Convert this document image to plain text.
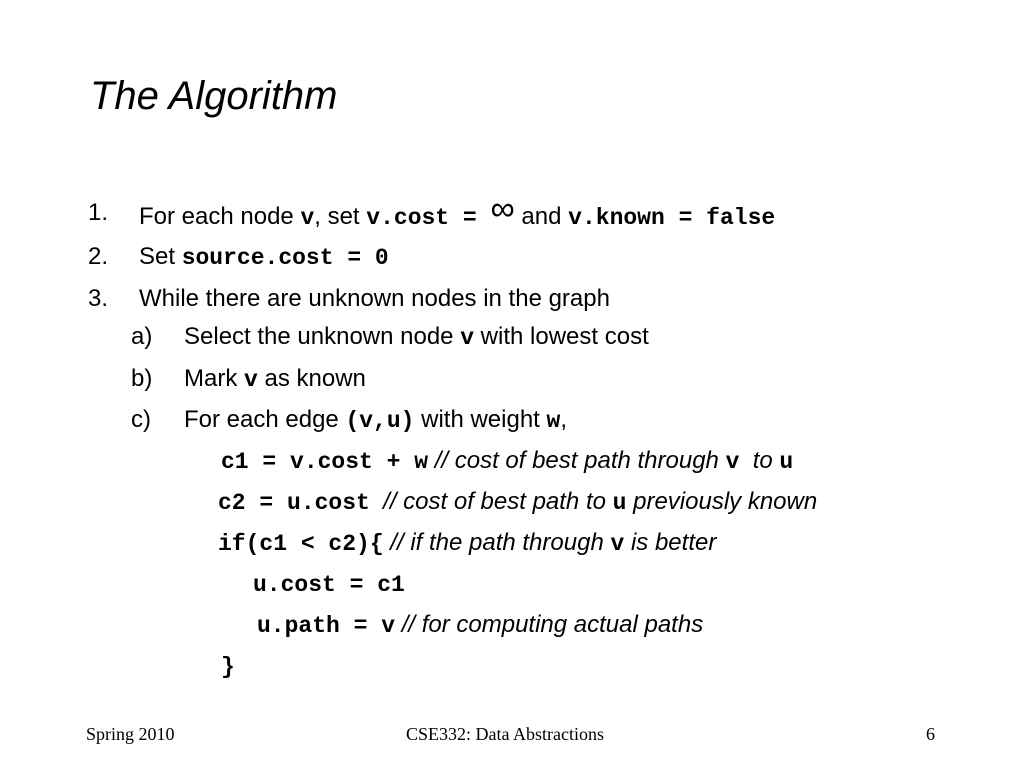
The Algorithm
1. For each node v, set v.cost = ∞ and v.known = false
2. Set source.cost = 0
3. While there are unknown nodes in the graph
a) Select the unknown node v with lowest cost
b) Mark v as known
c) For each edge (v,u) with weight w,
c1 = v.cost + w // cost of best path through v  to u
c2 = u.cost  // cost of best path to u previously known
if(c1 < c2){ // if the path through v is better
u.cost = c1
u.path = v // for computing actual paths
}
Spring 2010	CSE332: Data Abstractions	6
